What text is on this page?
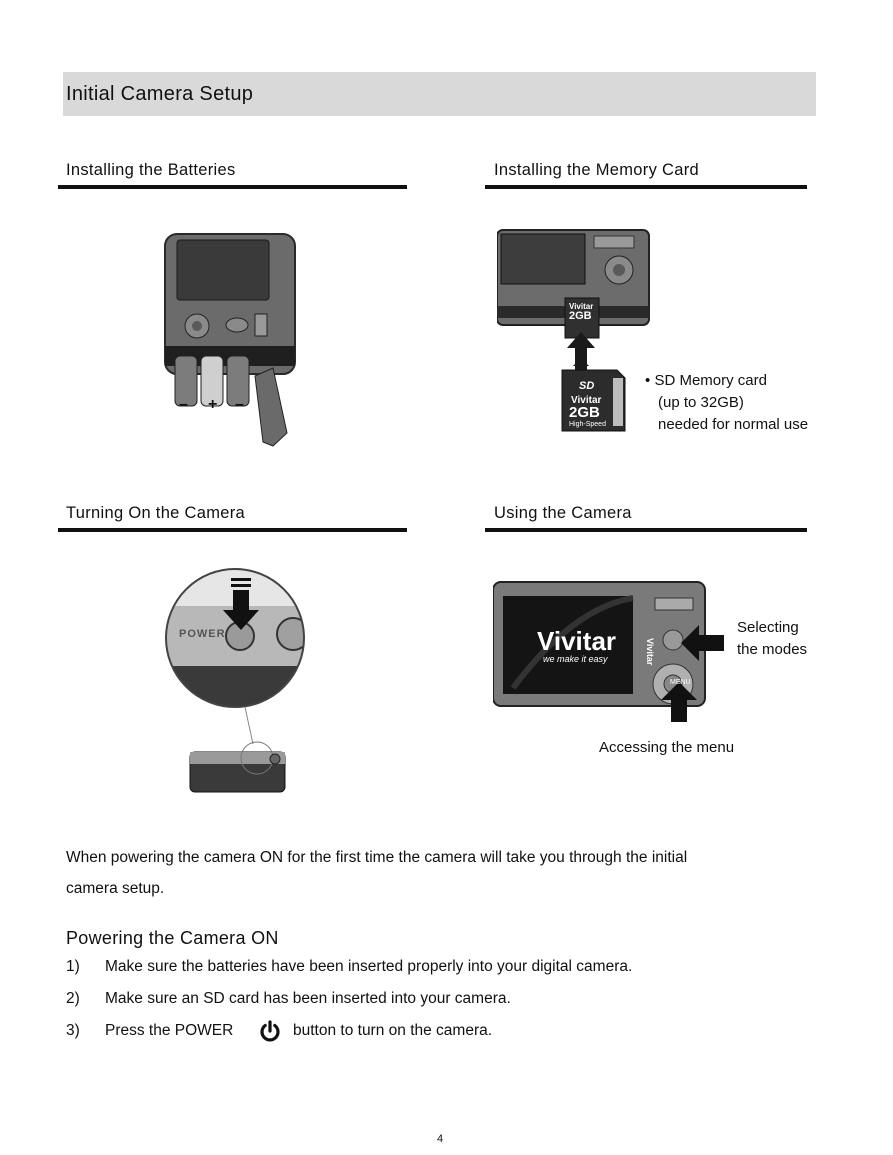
Initial Camera Setup
Installing the Batteries	Installing the Memory Card
Turning On the Camera	Using the Camera
– + –
SD
Vivitar
2GB
High-Speed
Vivitar
2GB
• SD Memory card
(up to 32GB)
needed for normal use
POWER	Vivitar
we make it easy	Vivitar
MENU
Selecting
the modes
Accessing the menu
When powering the camera ON for the first time the camera will take you through the initial
camera setup.
Powering the Camera ON
1) Make sure the batteries have been inserted properly into your digital camera.
2) Make sure an SD card has been inserted into your camera.
3) Press the POWER	button to turn on the camera.
4
